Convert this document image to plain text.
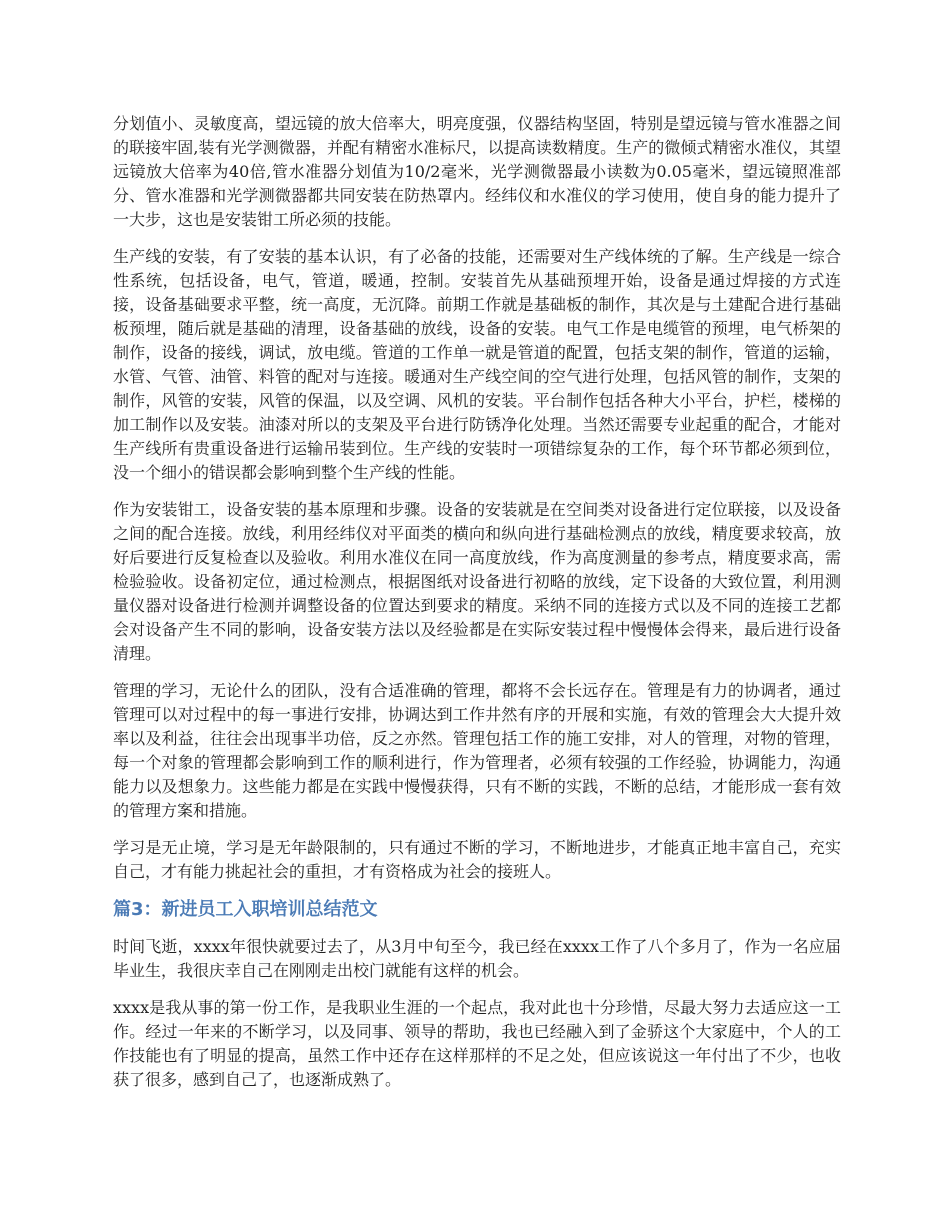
分划值小、灵敏度高，望远镜的放大倍率大，明亮度强，仪器结构坚固，特别是望远镜与管水准器之间的联接牢固,装有光学测微器，并配有精密水准标尺，以提高读数精度。生产的微倾式精密水准仪，其望远镜放大倍率为40倍,管水准器分划值为10/2毫米，光学测微器最小读数为0.05毫米，望远镜照准部分、管水准器和光学测微器都共同安装在防热罩内。经纬仪和水准仪的学习使用，使自身的能力提升了一大步，这也是安装钳工所必须的技能。

生产线的安装，有了安装的基本认识，有了必备的技能，还需要对生产线体统的了解。生产线是一综合性系统，包括设备，电气，管道，暖通，控制。安装首先从基础预埋开始，设备是通过焊接的方式连接，设备基础要求平整，统一高度，无沉降。前期工作就是基础板的制作，其次是与土建配合进行基础板预埋，随后就是基础的清理，设备基础的放线，设备的安装。电气工作是电缆管的预埋，电气桥架的制作，设备的接线，调试，放电缆。管道的工作单一就是管道的配置，包括支架的制作，管道的运输，水管、气管、油管、料管的配对与连接。暖通对生产线空间的空气进行处理，包括风管的制作，支架的制作，风管的安装，风管的保温，以及空调、风机的安装。平台制作包括各种大小平台，护栏，楼梯的加工制作以及安装。油漆对所以的支架及平台进行防锈净化处理。当然还需要专业起重的配合，才能对生产线所有贵重设备进行运输吊装到位。生产线的安装时一项错综复杂的工作，每个环节都必须到位，没一个细小的错误都会影响到整个生产线的性能。

作为安装钳工，设备安装的基本原理和步骤。设备的安装就是在空间类对设备进行定位联接，以及设备之间的配合连接。放线，利用经纬仪对平面类的横向和纵向进行基础检测点的放线，精度要求较高，放好后要进行反复检查以及验收。利用水准仪在同一高度放线，作为高度测量的参考点，精度要求高，需检验验收。设备初定位，通过检测点，根据图纸对设备进行初略的放线，定下设备的大致位置，利用测量仪器对设备进行检测并调整设备的位置达到要求的精度。采纳不同的连接方式以及不同的连接工艺都会对设备产生不同的影响，设备安装方法以及经验都是在实际安装过程中慢慢体会得来，最后进行设备清理。

管理的学习，无论什么的团队，没有合适准确的管理，都将不会长远存在。管理是有力的协调者，通过管理可以对过程中的每一事进行安排，协调达到工作井然有序的开展和实施，有效的管理会大大提升效率以及利益，往往会出现事半功倍，反之亦然。管理包括工作的施工安排，对人的管理，对物的管理，每一个对象的管理都会影响到工作的顺利进行，作为管理者，必须有较强的工作经验，协调能力，沟通能力以及想象力。这些能力都是在实践中慢慢获得，只有不断的实践，不断的总结，才能形成一套有效的管理方案和措施。

学习是无止境，学习是无年龄限制的，只有通过不断的学习，不断地进步，才能真正地丰富自己，充实自己，才有能力挑起社会的重担，才有资格成为社会的接班人。

篇3：新进员工入职培训总结范文

时间飞逝，xxxx年很快就要过去了，从3月中旬至今，我已经在xxxx工作了八个多月了，作为一名应届毕业生，我很庆幸自己在刚刚走出校门就能有这样的机会。

xxxx是我从事的第一份工作，是我职业生涯的一个起点，我对此也十分珍惜，尽最大努力去适应这一工作。经过一年来的不断学习，以及同事、领导的帮助，我也已经融入到了金骄这个大家庭中，个人的工作技能也有了明显的提高，虽然工作中还存在这样那样的不足之处，但应该说这一年付出了不少，也收获了很多，感到自己了，也逐渐成熟了。
